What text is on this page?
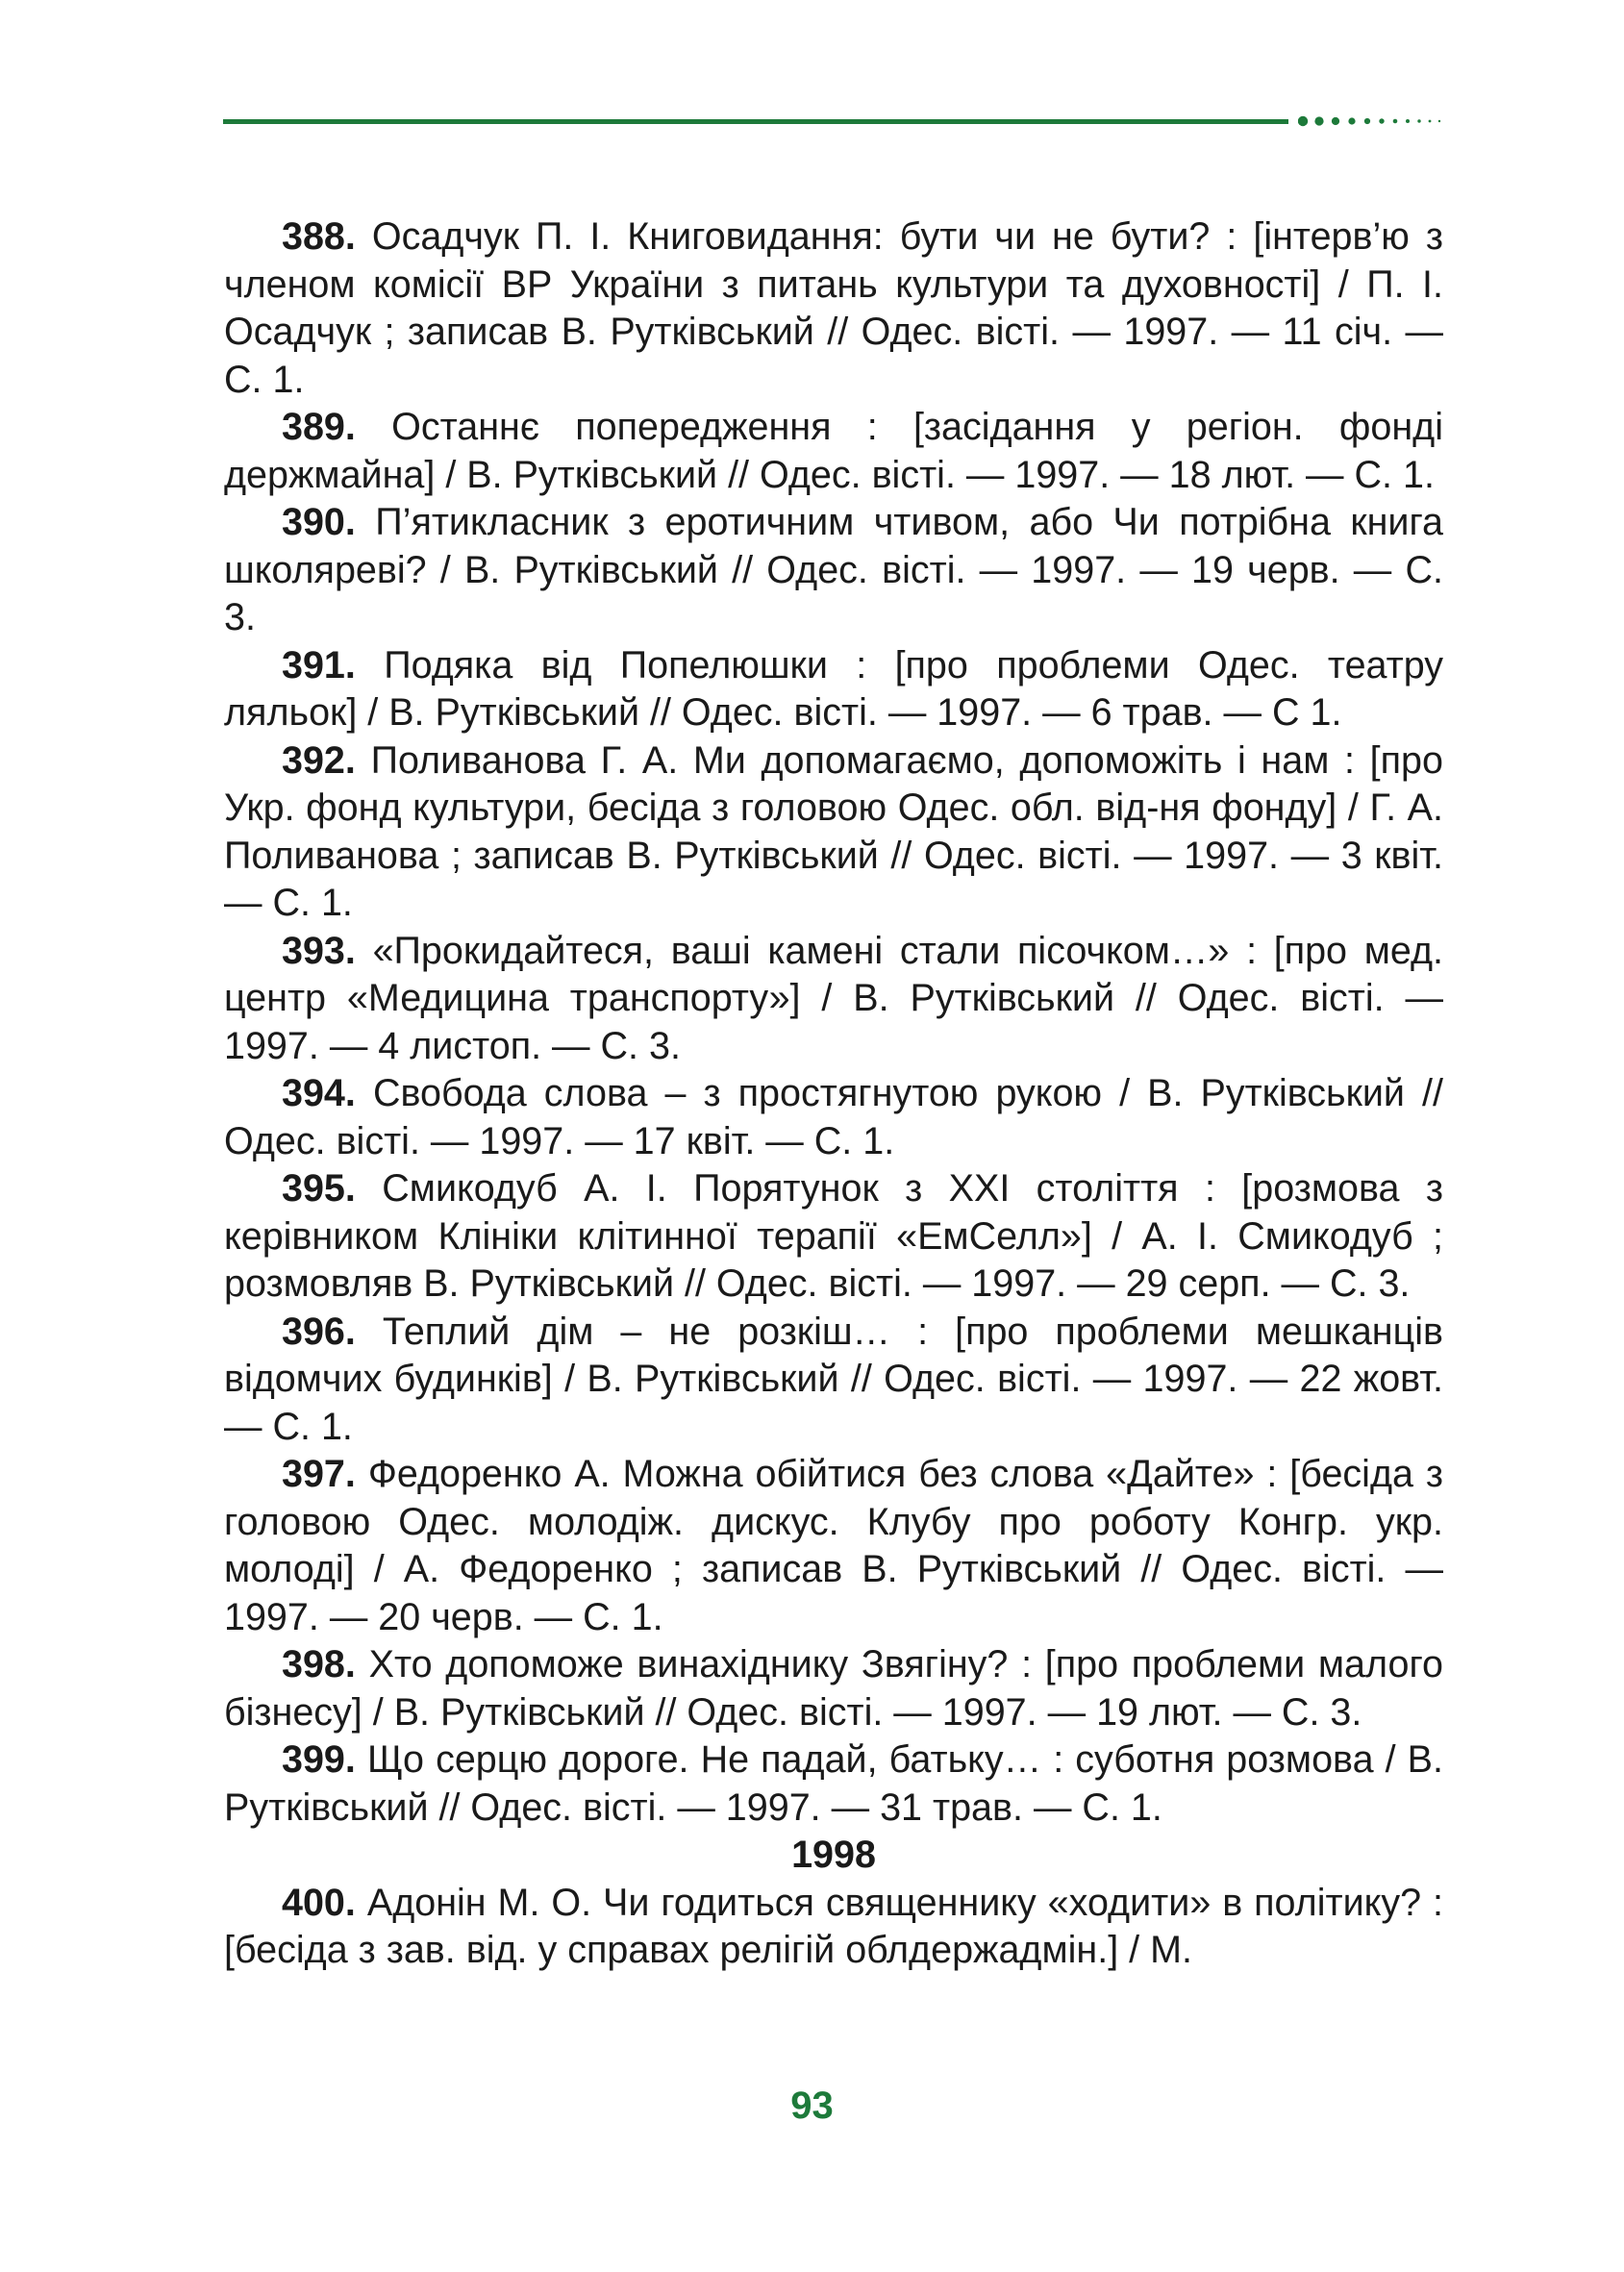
388. Осадчук П. І. Книговидання: бути чи не бути? : [інтерв’ю з членом комісії ВР України з питань культури та духовності] / П. І. Осадчук ; записав В. Рутківський // Одес. вісті. — 1997. — 11 січ. — С. 1.

389. Останнє попередження : [засідання у регіон. фонді держмайна] / В. Рутківський // Одес. вісті. — 1997. — 18 лют. — С. 1.

390. П’ятикласник з еротичним чтивом, або Чи потрібна книга школяреві? / В. Рутківський // Одес. вісті. — 1997. — 19 черв. — С. 3.

391. Подяка від Попелюшки : [про проблеми Одес. театру ляльок] / В. Рутківський // Одес. вісті. — 1997. — 6 трав. — С 1.

392. Поливанова Г. А. Ми допомагаємо, допоможіть і нам : [про Укр. фонд культури, бесіда з головою Одес. обл. від-ня фонду] / Г. А. Поливанова ; записав В. Рутківський // Одес. вісті. — 1997. — 3 квіт. — С. 1.

393. «Прокидайтеся, ваші камені стали пісочком…» : [про мед. центр «Медицина транспорту»] / В. Рутківський // Одес. вісті. — 1997. — 4 листоп. — С. 3.

394. Свобода слова – з простягнутою рукою / В. Рутківський // Одес. вісті. — 1997. — 17 квіт. — С. 1.

395. Смикодуб А. І. Порятунок з ХХІ століття : [розмова з керівником Клініки клітинної терапії «ЕмСелл»] / А. І. Смикодуб ; розмовляв В. Рутківський // Одес. вісті. — 1997. — 29 серп. — С. 3.

396. Теплий дім – не розкіш… : [про проблеми мешканців відомчих будинків] / В. Рутківський // Одес. вісті. — 1997. — 22 жовт. — С. 1.

397. Федоренко А. Можна обійтися без слова «Дайте» : [бесіда з головою Одес. молодіж. дискус. Клубу про роботу Конгр. укр. молоді] / А. Федоренко ; записав В. Рутківський // Одес. вісті. — 1997. — 20 черв. — С. 1.

398. Хто допоможе винахіднику Звягіну? : [про проблеми малого бізнесу] / В. Рутківський // Одес. вісті. — 1997. — 19 лют. — С. 3.

399. Що серцю дороге. Не падай, батьку… : суботня розмова / В. Рутківський // Одес. вісті. — 1997. — 31 трав. — С. 1.

1998

400. Адонін М. О. Чи годиться священнику «ходити» в політику? : [бесіда з зав. від. у справах релігій облдержадмін.] / М.

93
